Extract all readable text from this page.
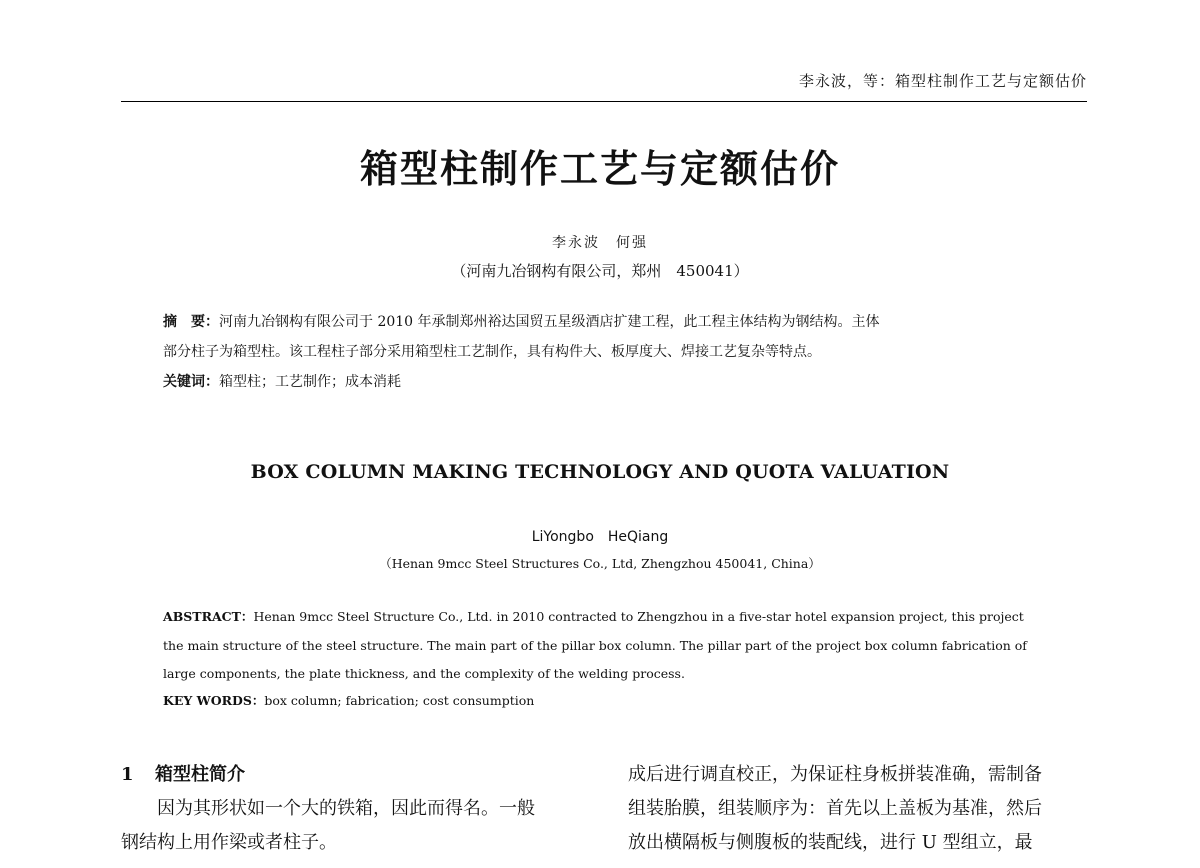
李永波，等：箱型柱制作工艺与定额估价
箱型柱制作工艺与定额估价
李永波　何强
（河南九冶钢构有限公司，郑州　450041）
摘　要：河南九冶钢构有限公司于 2010 年承制郑州裕达国贸五星级酒店扩建工程，此工程主体结构为钢结构。主体
部分柱子为箱型柱。该工程柱子部分采用箱型柱工艺制作，具有构件大、板厚度大、焊接工艺复杂等特点。
关键词：箱型柱；工艺制作；成本消耗
BOX COLUMN MAKING TECHNOLOGY AND QUOTA VALUATION
LiYongbo　HeQiang
（Henan 9mcc Steel Structures Co., Ltd, Zhengzhou 450041, China）
ABSTRACT：Henan 9mcc Steel Structure Co., Ltd. in 2010 contracted to Zhengzhou in a five-star hotel expansion project, this project
the main structure of the steel structure. The main part of the pillar box column. The pillar part of the project box column fabrication of
large components, the plate thickness, and the complexity of the welding process.
KEY WORDS：box column; fabrication; cost consumption
1 箱型柱简介
因为其形状如一个大的铁箱，因此而得名。一般
钢结构上用作梁或者柱子。
成后进行调直校正，为保证柱身板拼装准确，需制备
组装胎膜，组装顺序为：首先以上盖板为基准，然后
放出横隔板与侧腹板的装配线，进行 U 型组立，最
